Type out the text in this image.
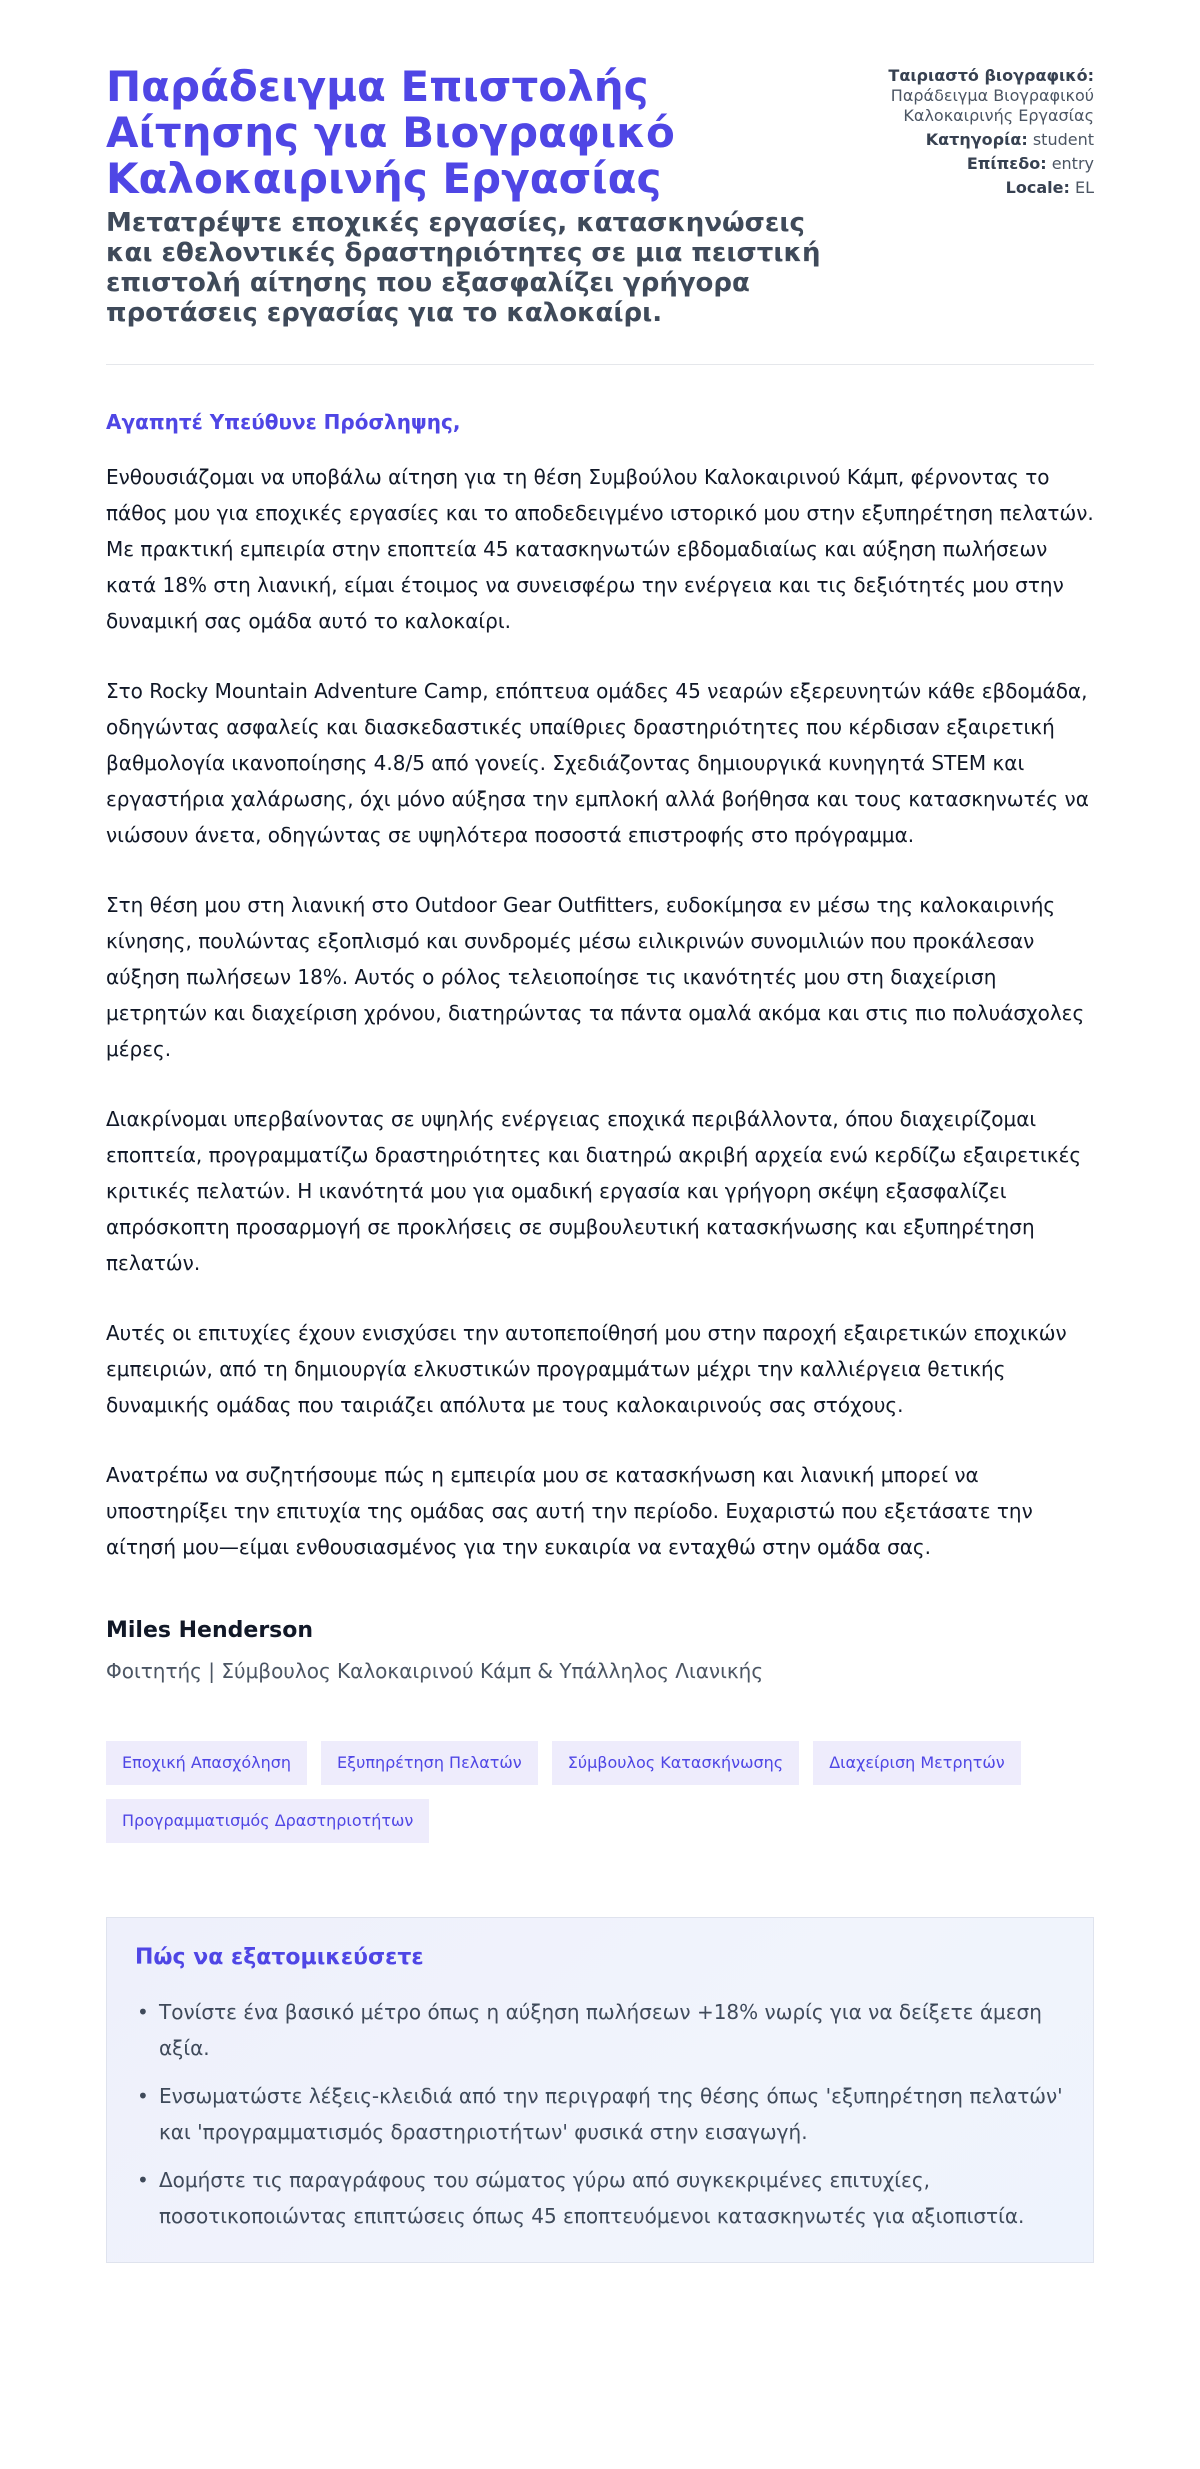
Παράδειγμα Επιστολής Αίτησης για Βιογραφικό Καλοκαιρινής Εργασίας
Μετατρέψτε εποχικές εργασίες, κατασκηνώσεις και εθελοντικές δραστηριότητες σε μια πειστική επιστολή αίτησης που εξασφαλίζει γρήγορα προτάσεις εργασίας για το καλοκαίρι.
Ταιριαστό βιογραφικό:
Παράδειγμα Βιογραφικού Καλοκαιρινής Εργασίας
Κατηγορία: student
Επίπεδο: entry
Locale: EL
Αγαπητέ Υπεύθυνε Πρόσληψης,

Ενθουσιάζομαι να υποβάλω αίτηση για τη θέση Συμβούλου Καλοκαιρινού Κάμπ, φέρνοντας το πάθος μου για εποχικές εργασίες και το αποδεδειγμένο ιστορικό μου στην εξυπηρέτηση πελατών. Με πρακτική εμπειρία στην εποπτεία 45 κατασκηνωτών εβδομαδιαίως και αύξηση πωλήσεων κατά 18% στη λιανική, είμαι έτοιμος να συνεισφέρω την ενέργεια και τις δεξιότητές μου στην δυναμική σας ομάδα αυτό το καλοκαίρι.

Στο Rocky Mountain Adventure Camp, επόπτευα ομάδες 45 νεαρών εξερευνητών κάθε εβδομάδα, οδηγώντας ασφαλείς και διασκεδαστικές υπαίθριες δραστηριότητες που κέρδισαν εξαιρετική βαθμολογία ικανοποίησης 4.8/5 από γονείς. Σχεδιάζοντας δημιουργικά κυνηγητά STEM και εργαστήρια χαλάρωσης, όχι μόνο αύξησα την εμπλοκή αλλά βοήθησα και τους κατασκηνωτές να νιώσουν άνετα, οδηγώντας σε υψηλότερα ποσοστά επιστροφής στο πρόγραμμα.

Στη θέση μου στη λιανική στο Outdoor Gear Outfitters, ευδοκίμησα εν μέσω της καλοκαιρινής κίνησης, πουλώντας εξοπλισμό και συνδρομές μέσω ειλικρινών συνομιλιών που προκάλεσαν αύξηση πωλήσεων 18%. Αυτός ο ρόλος τελειοποίησε τις ικανότητές μου στη διαχείριση μετρητών και διαχείριση χρόνου, διατηρώντας τα πάντα ομαλά ακόμα και στις πιο πολυάσχολες μέρες.

Διακρίνομαι υπερβαίνοντας σε υψηλής ενέργειας εποχικά περιβάλλοντα, όπου διαχειρίζομαι εποπτεία, προγραμματίζω δραστηριότητες και διατηρώ ακριβή αρχεία ενώ κερδίζω εξαιρετικές κριτικές πελατών. Η ικανότητά μου για ομαδική εργασία και γρήγορη σκέψη εξασφαλίζει απρόσκοπτη προσαρμογή σε προκλήσεις σε συμβουλευτική κατασκήνωσης και εξυπηρέτηση πελατών.

Αυτές οι επιτυχίες έχουν ενισχύσει την αυτοπεποίθησή μου στην παροχή εξαιρετικών εποχικών εμπειριών, από τη δημιουργία ελκυστικών προγραμμάτων μέχρι την καλλιέργεια θετικής δυναμικής ομάδας που ταιριάζει απόλυτα με τους καλοκαιρινούς σας στόχους.

Ανατρέπω να συζητήσουμε πώς η εμπειρία μου σε κατασκήνωση και λιανική μπορεί να υποστηρίξει την επιτυχία της ομάδας σας αυτή την περίοδο. Ευχαριστώ που εξετάσατε την αίτησή μου—είμαι ενθουσιασμένος για την ευκαιρία να ενταχθώ στην ομάδα σας.

Miles Henderson
Φοιτητής | Σύμβουλος Καλοκαιρινού Κάμπ & Υπάλληλος Λιανικής
Εποχική Απασχόληση	Εξυπηρέτηση Πελατών	Σύμβουλος Κατασκήνωσης	Διαχείριση Μετρητών
Προγραμματισμός Δραστηριοτήτων
Πώς να εξατομικεύσετε
• Τονίστε ένα βασικό μέτρο όπως η αύξηση πωλήσεων +18% νωρίς για να δείξετε άμεση αξία.
• Ενσωματώστε λέξεις-κλειδιά από την περιγραφή της θέσης όπως 'εξυπηρέτηση πελατών' και 'προγραμματισμός δραστηριοτήτων' φυσικά στην εισαγωγή.
• Δομήστε τις παραγράφους του σώματος γύρω από συγκεκριμένες επιτυχίες, ποσοτικοποιώντας επιπτώσεις όπως 45 εποπτευόμενοι κατασκηνωτές για αξιοπιστία.
